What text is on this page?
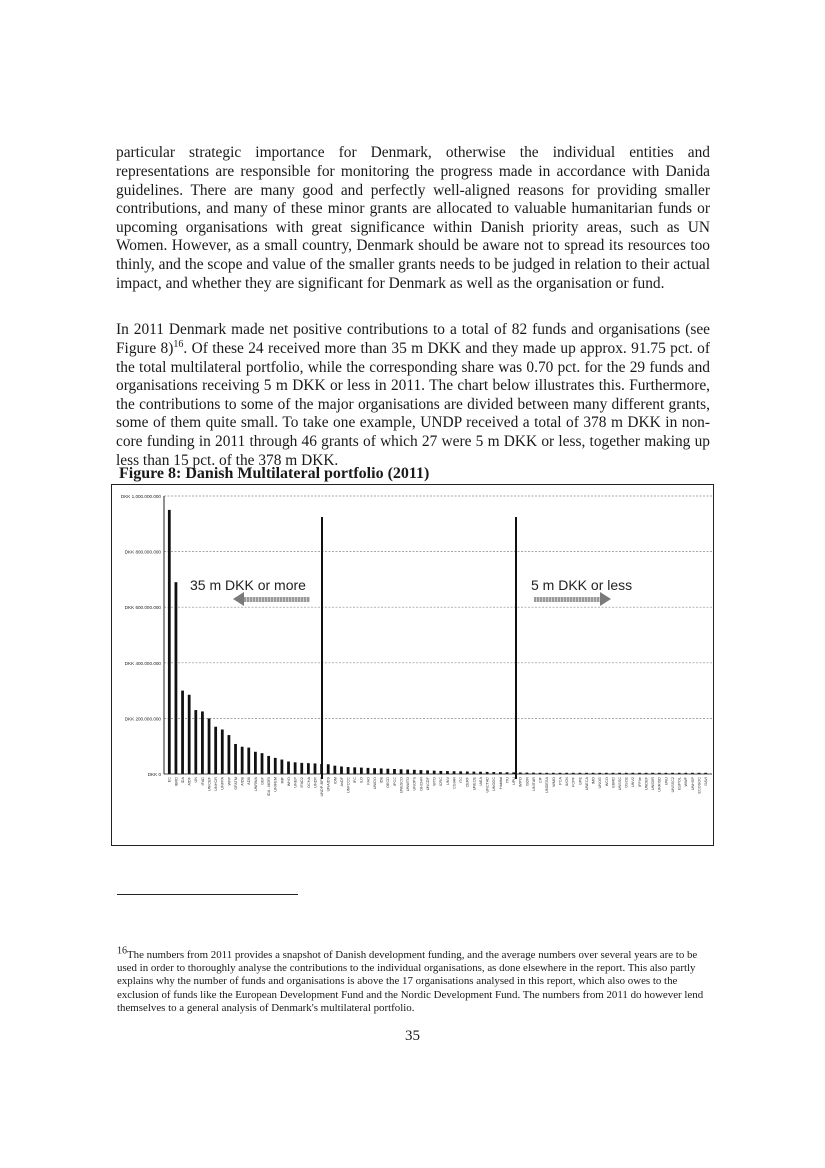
particular strategic importance for Denmark, otherwise the individual entities and representations are responsible for monitoring the progress made in accordance with Danida guidelines. There are many good and perfectly well-aligned reasons for providing smaller contributions, and many of these minor grants are allocated to valuable humanitarian funds or upcoming organisations with great significance within Danish priority areas, such as UN Women. However, as a small country, Denmark should be aware not to spread its resources too thinly, and the scope and value of the smaller grants needs to be judged in relation to their actual impact, and whether they are significant for Denmark as well as the organisation or fund.

In 2011 Denmark made net positive contributions to a total of 82 funds and organisations (see Figure 8)$^{16}$. Of these 24 received more than 35 m DKK and they made up approx. 91.75 pct. of the total multilateral portfolio, while the corresponding share was 0.70 pct. for the 29 funds and organisations receiving 5 m DKK or less in 2011. The chart below illustrates this. Furthermore, the contributions to some of the major organisations are divided between many different grants, some of them quite small. To take one example, UNDP received a total of 378 m DKK in non-core funding in 2011 through 46 grants of which 27 were 5 m DKK or less, together making up less than 15 pct. of the 378 m DKK.

Figure 8: Danish Multilateral portfolio (2011)
DKK 0
DKK 200.000.000
DKK 400.000.000
DKK 600.000.000
DKK 800.000.000
DKK 1.000.000.000
EC IBRD IDA AfDF UN IFAD UNICEF UNHCR UNFPA WFP GFATM AfDB ADB UNRWA GEF IDA - MDRI UNIFEM IMF WHO UNEP IFAD2 OCHA UNDP UNDP-BPT UNAIDS IOM AsDF UNFCCC IFC ILO FAO UNIDO IDB OECD IPCC UNESCO UNWTO UNOPS OHCHR UNCDF WTO ICRC UNV CGIAR ITC CERF UNECE IAEA UNCTAD UNODC Habitat ITU UPU WIPO ISDR UNITAR CIF UNDESA WMO PCA IUCN FCPF GPE UNECA IMO UNOG WCO EBRD UNSSC OSCE UNV2 IFFIm UNDEF UNIDIR UNRISD UNU UNSSC2 EUPOL WWF UNHSP ECOSOC GAVI
35 m DKK or more	5 m DKK or less

$^{16}$The numbers from 2011 provides a snapshot of Danish development funding, and the average numbers over several years are to be used in order to thoroughly analyse the contributions to the individual organisations, as done elsewhere in the report. This also partly explains why the number of funds and organisations is above the 17 organisations analysed in this report, which also owes to the exclusion of funds like the European Development Fund and the Nordic Development Fund. The numbers from 2011 do however lend themselves to a general analysis of Denmark's multilateral portfolio.

35
